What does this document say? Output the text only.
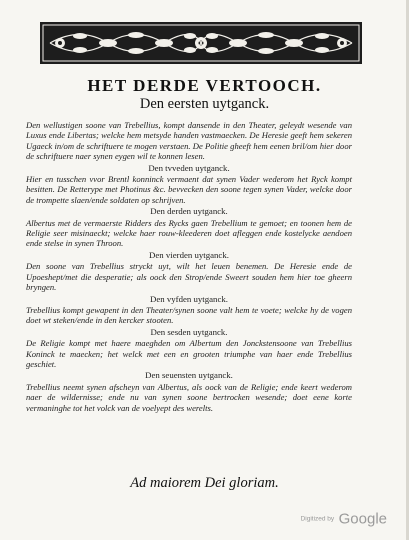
HET DERDE VERTOOCH.
Den eersten uytganck.

Den wellustigen soone van Trebellius, kompt dansende in den Theater, geleydt wesende van Luxus ende Libertas; welcke hem metsyde handen vastmaecken. De Heresie geeft hem sekeren Ugaeck in/om de schriftuere te mogen verstaen. De Politie gheeft hem eenen bril/om hier door de schriftuere naer synen eygen wil te konnen lesen.

Den tvveden uytganck.

Hier en tusschen vvor Brentl konninck vermaent dat synen Vader wederom het Ryck kompt besitten. De Retterype met Photinus &c. bevvecken den soone tegen synen Vader, welcke door de trompette slaen/ende soldaten op schrijven.

Den derden uytganck.

Albertus met de vermaerste Ridders des Rycks gaen Trebellium te gemoet; en toonen hem de Religie seer misinaeckt; welcke haer rouw-kleederen doet afleggen ende kostelycke aendoen ende stelse in synen Throon.

Den vierden uytganck.

Den soone van Trebellius stryckt uyt, wilt het leuen benemen. De Heresie ende de Upoeshept/met die desperatie; als oock den Strop/ende Sweert souden hem hier toe gheern bryngen.

Den vyfden uytganck.

Trebellius kompt gewapent in den Theater/synen soone valt hem te voete; welcke hy de vogen doet wt steken/ende in den kercker stooten.

Den sesden uytganck.

De Religie kompt met haere maeghden om Albertum den Jonckstensoone van Trebellius Koninck te maecken; het welck met een en grooten triumphe van haer ende Trebellius geschiet.

Den seuensten uytganck.

Trebellius neemt synen afscheyn van Albertus, als oock van de Religie; ende keert wederom naer de wildernisse; ende nu van synen soone bertrocken wesende; doet eene korte vermaninghe tot het volck van de voelyept des werelts.

Ad maiorem Dei gloriam.
Digitized by Google
